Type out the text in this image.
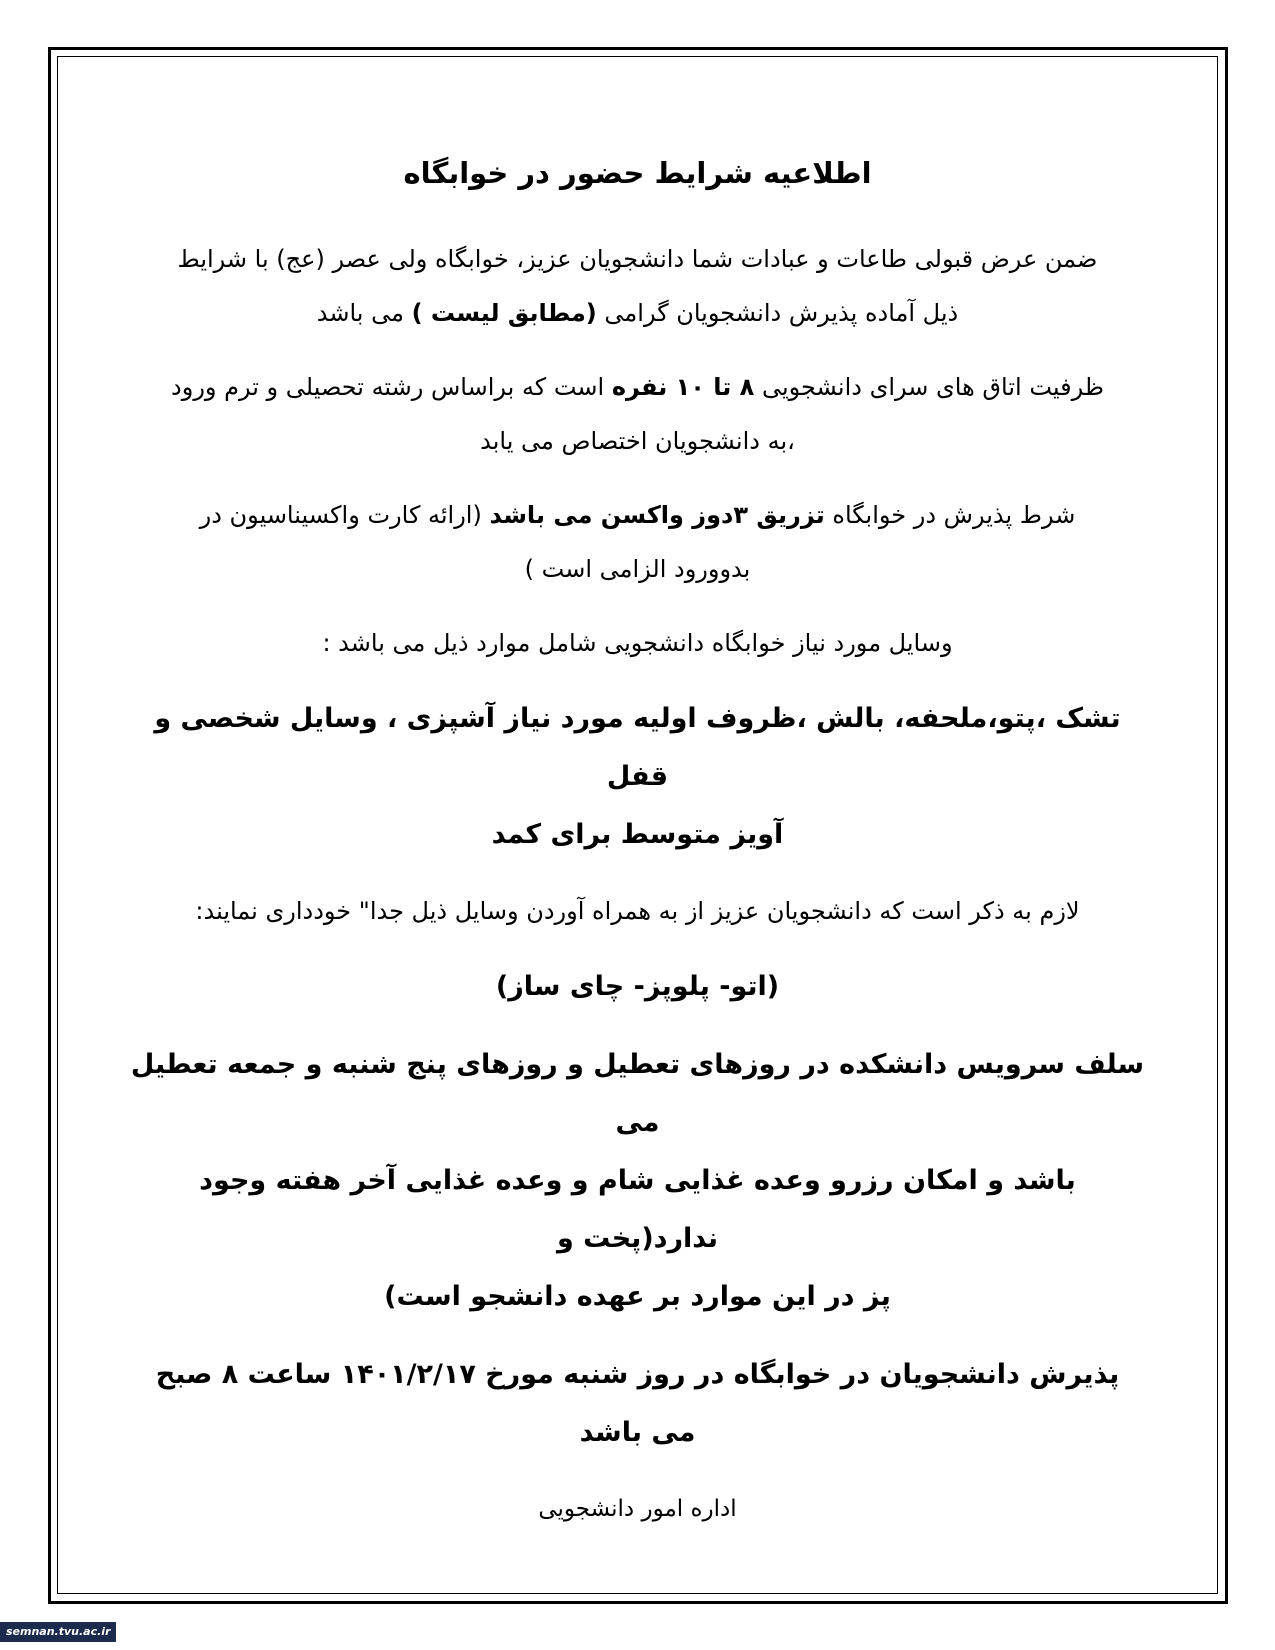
اطلاعیه شرایط حضور در خوابگاه
ضمن عرض قبولی طاعات و عبادات شما دانشجویان عزیز، خوابگاه ولی عصر (عج) با شرایط
ذیل آماده پذیرش دانشجویان گرامی (مطابق لیست ) می باشد
ظرفیت اتاق های سرای دانشجویی ۸ تا ۱۰ نفره است که براساس رشته تحصیلی و ترم ورود
،به دانشجویان اختصاص می یابد
شرط پذیرش در خوابگاه تزریق ۳دوز واکسن می باشد (ارائه کارت واکسیناسیون در
بدوورود الزامی است )
وسایل مورد نیاز خوابگاه دانشجویی شامل موارد ذیل می باشد :
تشک ،پتو،ملحفه، بالش ،ظروف اولیه مورد نیاز آشپزی ، وسایل شخصی و قفل
آویز متوسط برای کمد
لازم به ذکر است که دانشجویان عزیز از به همراه آوردن وسایل ذیل جدا" خودداری نمایند:
(اتو- پلوپز- چای ساز)
سلف سرویس دانشکده در روزهای تعطیل و روزهای پنج شنبه و جمعه تعطیل می
باشد و امکان رزرو وعده غذایی شام و وعده غذایی آخر هفته وجود ندارد(پخت و
پز در این موارد بر عهده دانشجو است)
پذیرش دانشجویان در خوابگاه در روز شنبه مورخ ۱۴۰۱/۲/۱۷ ساعت ۸ صبح می باشد
اداره امور دانشجویی
semnan.tvu.ac.ir
